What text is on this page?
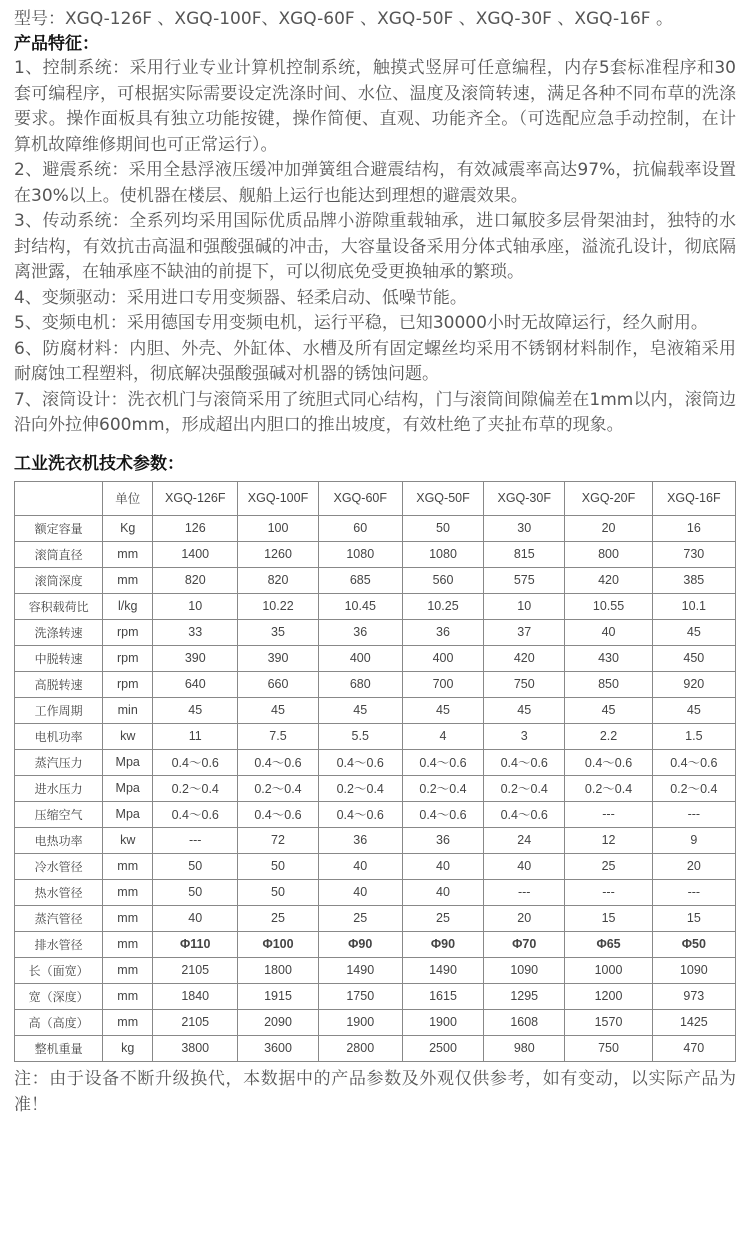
型号：XGQ-126F 、XGQ-100F、XGQ-60F 、XGQ-50F 、XGQ-30F 、XGQ-16F 。
产品特征：

1、控制系统：采用行业专业计算机控制系统，触摸式竖屏可任意编程，内存5套标准程序和30套可编程序，可根据实际需要设定洗涤时间、水位、温度及滚筒转速，满足各种不同布草的洗涤要求。操作面板具有独立功能按键，操作简便、直观、功能齐全。（可选配应急手动控制，在计算机故障维修期间也可正常运行）。

2、避震系统：采用全悬浮液压缓冲加弹簧组合避震结构，有效减震率高达97%，抗偏载率设置在30%以上。使机器在楼层、舰船上运行也能达到理想的避震效果。

3、传动系统：全系列均采用国际优质品牌小游隙重载轴承，进口氟胶多层骨架油封，独特的水封结构，有效抗击高温和强酸强碱的冲击，大容量设备采用分体式轴承座，溢流孔设计，彻底隔离泄露，在轴承座不缺油的前提下，可以彻底免受更换轴承的繁琐。

4、变频驱动：采用进口专用变频器、轻柔启动、低噪节能。

5、变频电机：采用德国专用变频电机，运行平稳，已知30000小时无故障运行，经久耐用。

6、防腐材料：内胆、外壳、外缸体、水槽及所有固定螺丝均采用不锈钢材料制作，皂液箱采用耐腐蚀工程塑料，彻底解决强酸强碱对机器的锈蚀问题。

7、滚筒设计：洗衣机门与滚筒采用了统胆式同心结构，门与滚筒间隙偏差在1mm以内，滚筒边沿向外拉伸600mm，形成超出内胆口的推出坡度，有效杜绝了夹扯布草的现象。

工业洗衣机技术参数：
	单位	XGQ-126F	XGQ-100F	XGQ-60F	XGQ-50F	XGQ-30F	XGQ-20F	XGQ-16F
额定容量	Kg	126	100	60	50	30	20	16
滚筒直径	mm	1400	1260	1080	1080	815	800	730
滚筒深度	mm	820	820	685	560	575	420	385
容积载荷比	l/kg	10	10.22	10.45	10.25	10	10.55	10.1
洗涤转速	rpm	33	35	36	36	37	40	45
中脱转速	rpm	390	390	400	400	420	430	450
高脱转速	rpm	640	660	680	700	750	850	920
工作周期	min	45	45	45	45	45	45	45
电机功率	kw	11	7.5	5.5	4	3	2.2	1.5
蒸汽压力	Mpa	0.4～0.6	0.4～0.6	0.4～0.6	0.4～0.6	0.4～0.6	0.4～0.6	0.4～0.6
进水压力	Mpa	0.2～0.4	0.2～0.4	0.2～0.4	0.2～0.4	0.2～0.4	0.2～0.4	0.2～0.4
压缩空气	Mpa	0.4～0.6	0.4～0.6	0.4～0.6	0.4～0.6	0.4～0.6	---	---
电热功率	kw	---	72	36	36	24	12	9
冷水管径	mm	50	50	40	40	40	25	20
热水管径	mm	50	50	40	40	---	---	---
蒸汽管径	mm	40	25	25	25	20	15	15
排水管径	mm	Φ110	Φ100	Φ90	Φ90	Φ70	Φ65	Φ50
长（面宽）	mm	2105	1800	1490	1490	1090	1000	1090
宽（深度）	mm	1840	1915	1750	1615	1295	1200	973
高（高度）	mm	2105	2090	1900	1900	1608	1570	1425
整机重量	kg	3800	3600	2800	2500	980	750	470
注：由于设备不断升级换代，本数据中的产品参数及外观仅供参考，如有变动，以实际产品为准！
